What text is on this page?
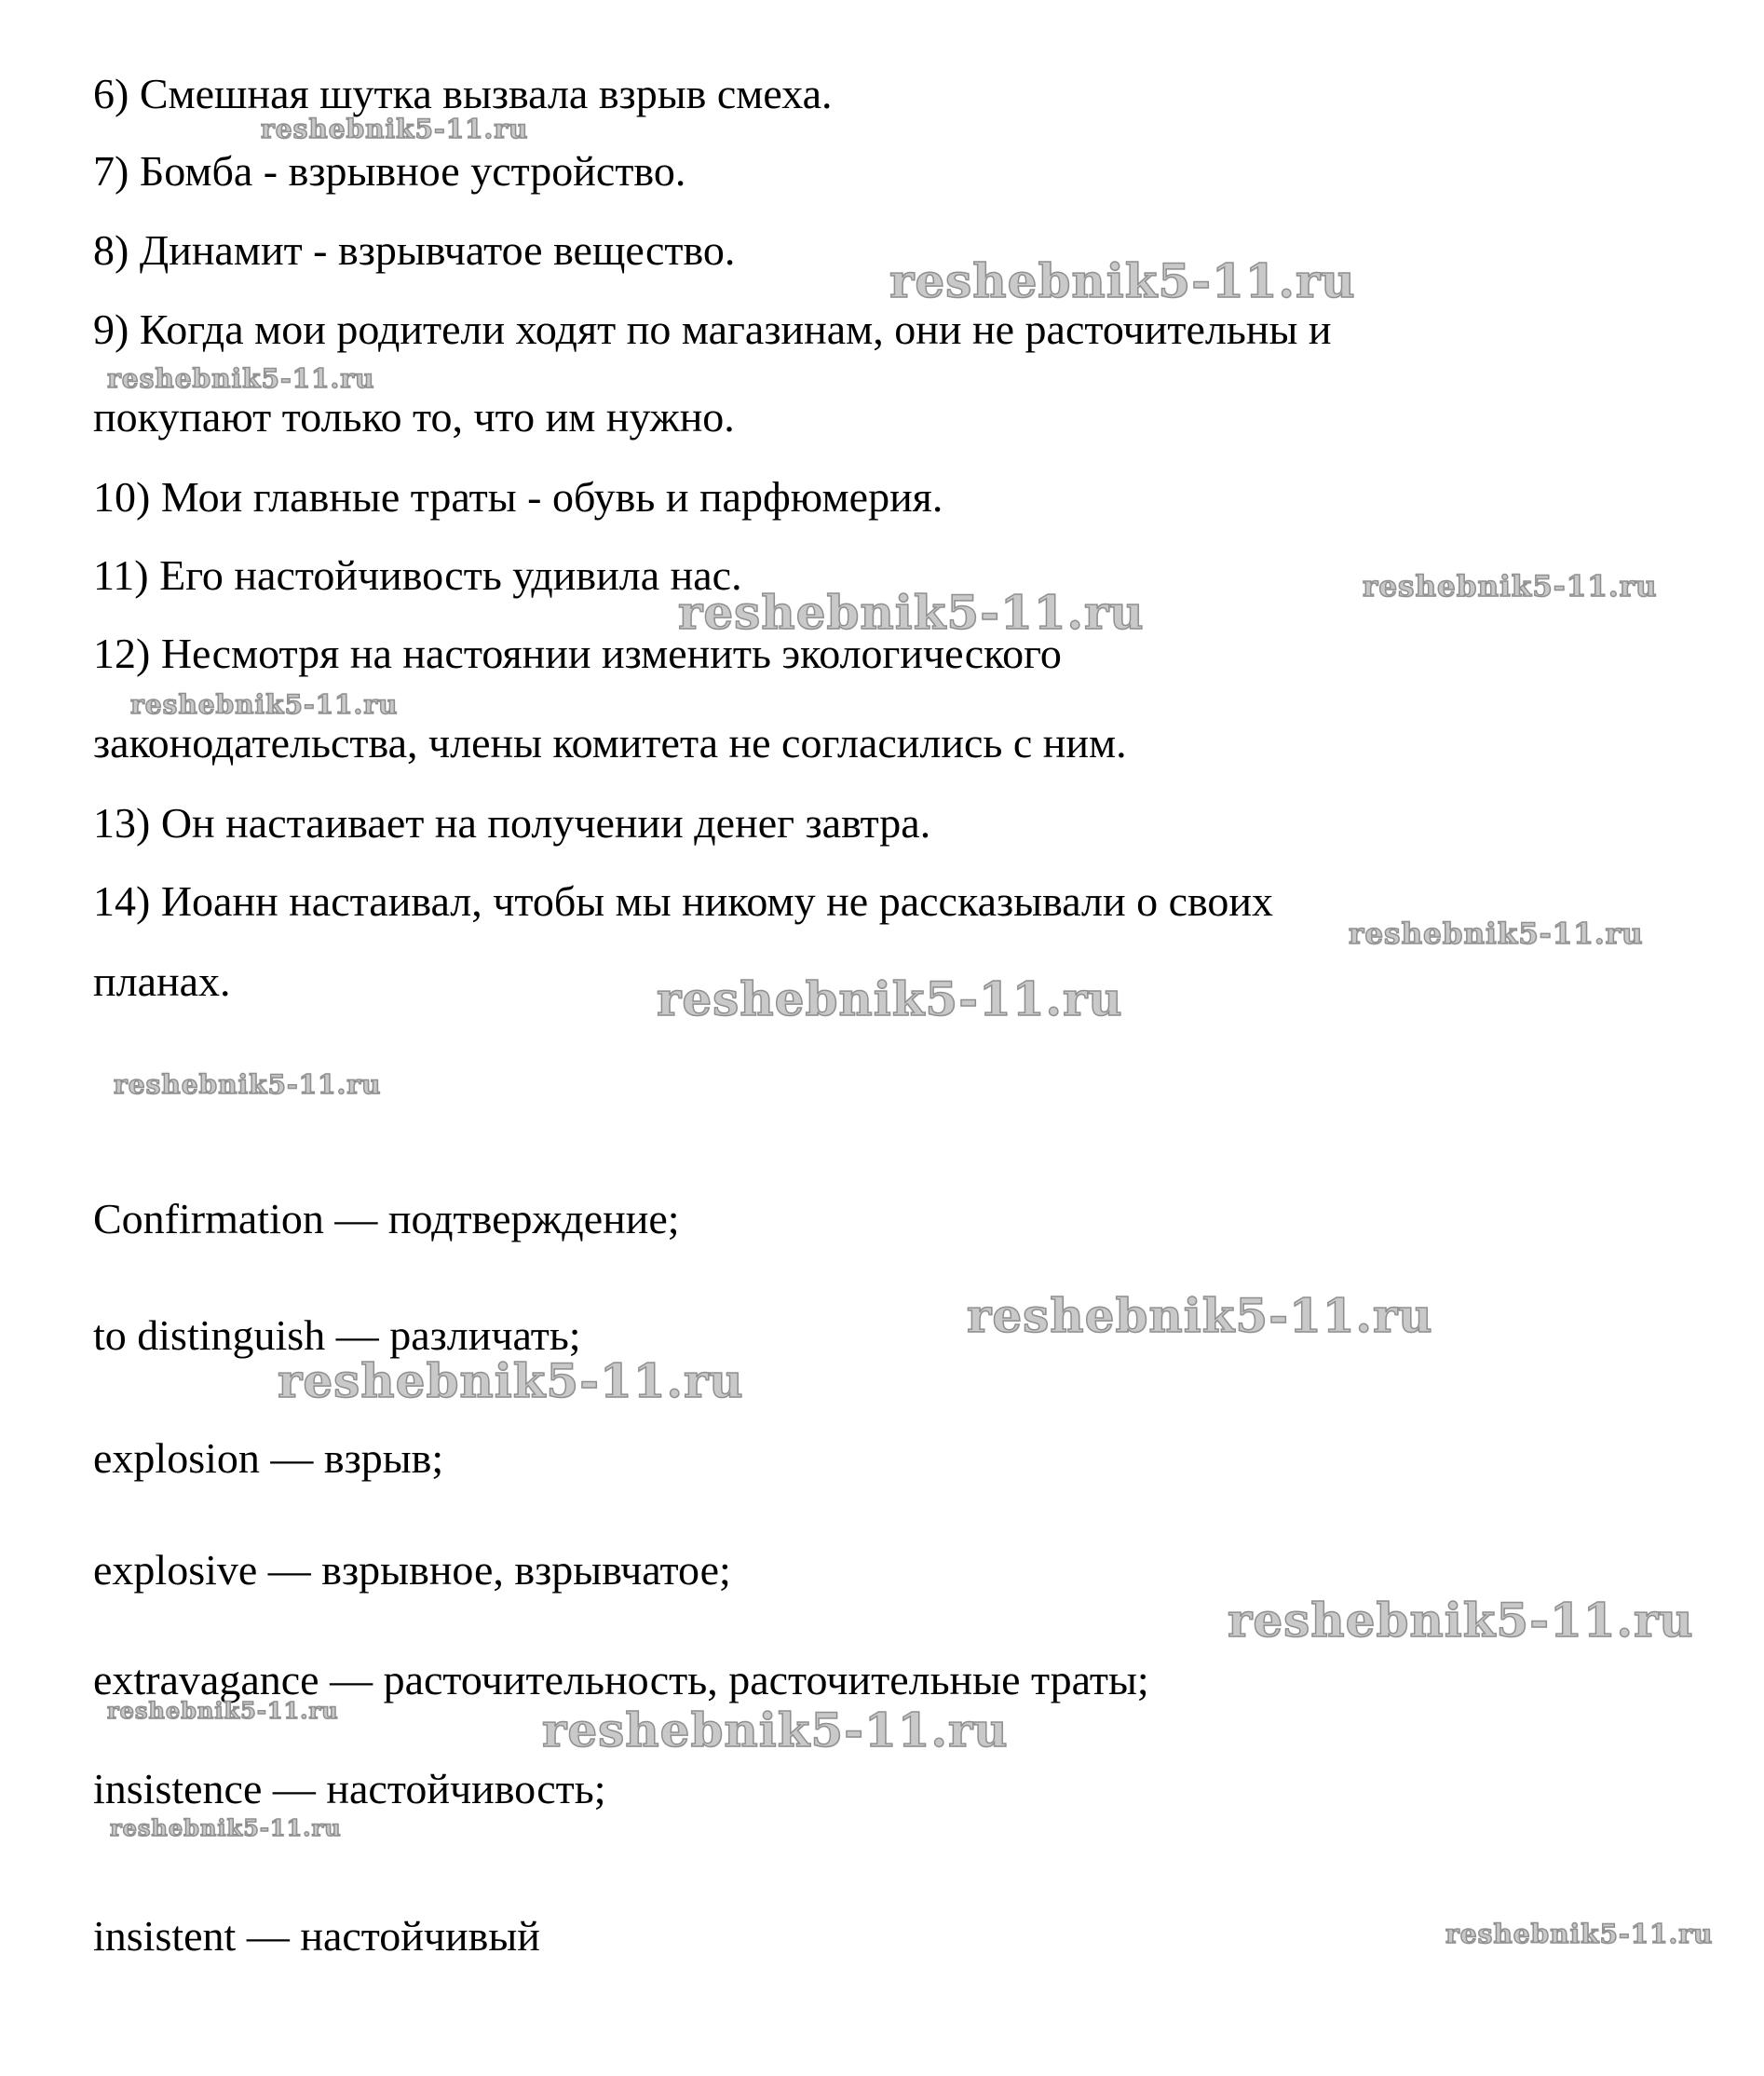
6) Смешная шутка вызвала взрыв смеха.
7) Бомба - взрывное устройство.
8) Динамит - взрывчатое вещество.
9) Когда мои родители ходят по магазинам, они не расточительны и
покупают только то, что им нужно.
10) Мои главные траты - обувь и парфюмерия.
11) Его настойчивость удивила нас.
12) Несмотря на настоянии изменить экологического
законодательства, члены комитета не согласились с ним.
13) Он настаивает на получении денег завтра.
14) Иоанн настаивал, чтобы мы никому не рассказывали о своих
планах.
Confirmation — подтверждение;
to distinguish — различать;
explosion — взрыв;
explosive — взрывное, взрывчатое;
extravagance — расточительность, расточительные траты;
insistence — настойчивость;
insistent — настойчивый
reshebnik5-11.ru
reshebnik5-11.ru
reshebnik5-11.ru
reshebnik5-11.ru
reshebnik5-11.ru
reshebnik5-11.ru
reshebnik5-11.ru
reshebnik5-11.ru
reshebnik5-11.ru
reshebnik5-11.ru
reshebnik5-11.ru
reshebnik5-11.ru
reshebnik5-11.ru	reshebnik5-11.ru
reshebnik5-11.ru
reshebnik5-11.ru
